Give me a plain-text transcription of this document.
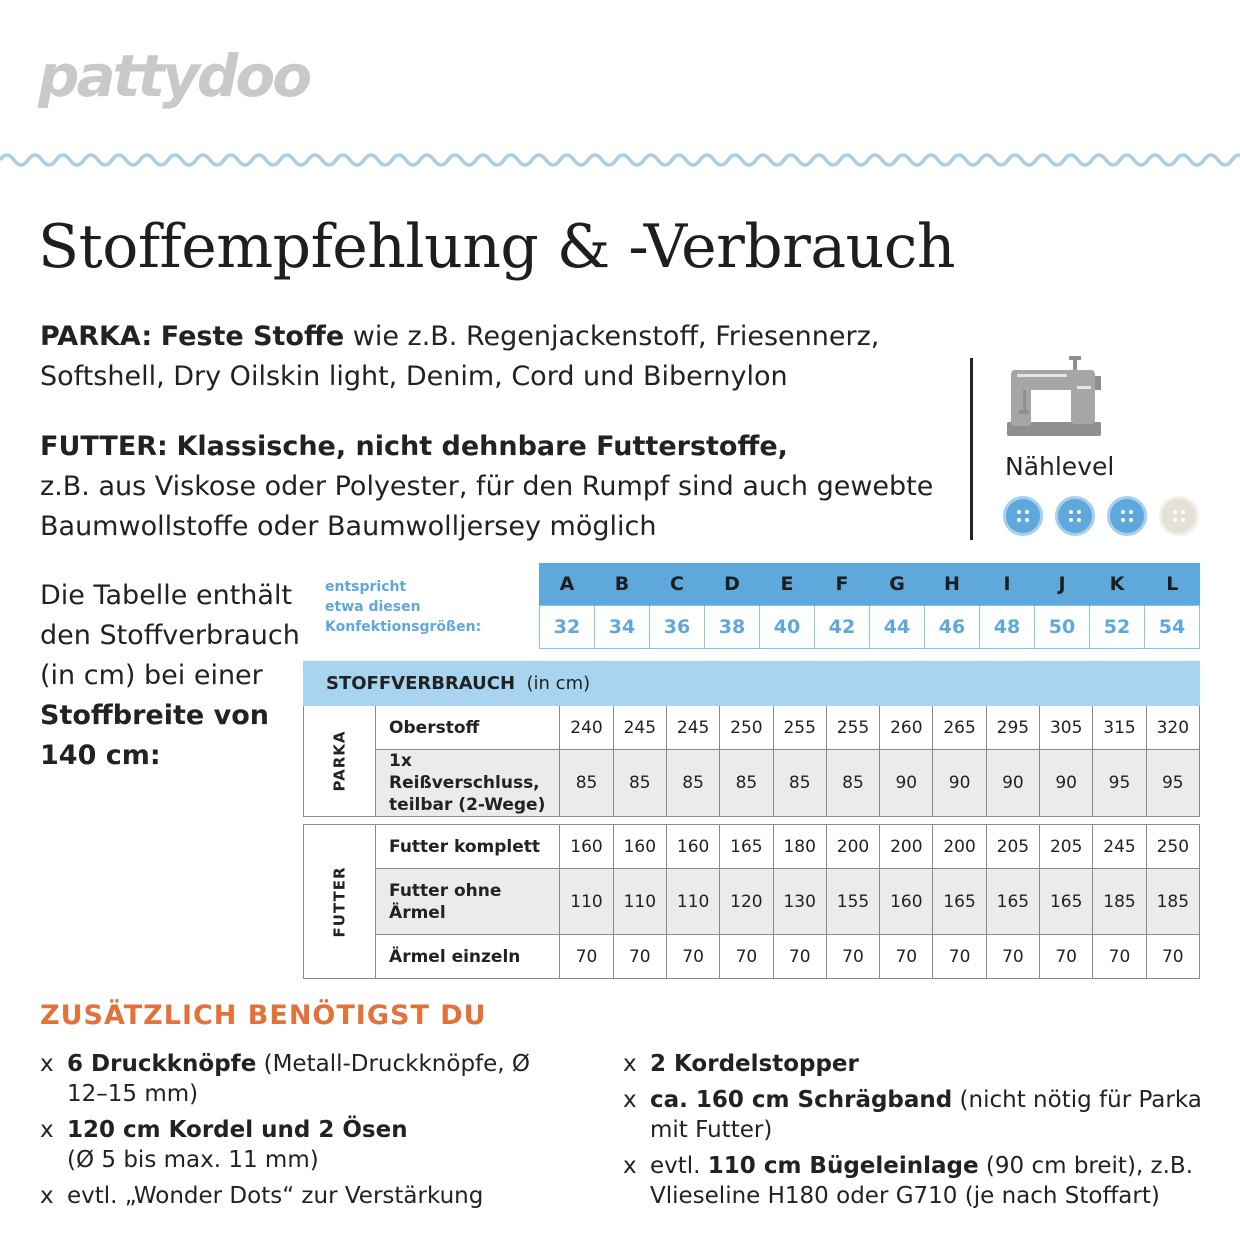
pattydoo
Stoffempfehlung & -Verbrauch

PARKA: Feste Stoffe wie z.B. Regenjackenstoff, Friesennerz, Softshell, Dry Oilskin light, Denim, Cord und Bibernylon

FUTTER: Klassische, nicht dehnbare Futterstoffe,
z.B. aus Viskose oder Polyester, für den Rumpf sind auch gewebte Baumwollstoffe oder Baumwolljersey möglich

Nählevel

Die Tabelle enthält den Stoffverbrauch (in cm) bei einer Stoffbreite von 140 cm:

entspricht
etwa diesen
Konfektionsgrößen:
A	B	C	D	E	F	G	H	I	J	K	L
32	34	36	38	40	42	44	46	48	50	52	54
STOFFVERBRAUCH (in cm)													

PARKA	Oberstoff	240	245	245	250	255	255	260	265	295	305	315	320
	1x Reißverschluss, teilbar (2-Wege)	85	85	85	85	85	85	90	90	90	90	95	95

FUTTER	Futter komplett	160	160	160	165	180	200	200	200	205	205	245	250
	Futter ohne Ärmel	110	110	110	120	130	155	160	165	165	165	185	185
	Ärmel einzeln	70	70	70	70	70	70	70	70	70	70	70	70
ZUSÄTZLICH BENÖTIGST DU
x 6 Druckknöpfe (Metall-Druckknöpfe, Ø 12–15 mm)
x 120 cm Kordel und 2 Ösen
(Ø 5 bis max. 11 mm)
x evtl. „Wonder Dots“ zur Verstärkung
x 2 Kordelstopper
x ca. 160 cm Schrägband (nicht nötig für Parka mit Futter)
x evtl. 110 cm Bügeleinlage (90 cm breit), z.B. Vlieseline H180 oder G710 (je nach Stoffart)
